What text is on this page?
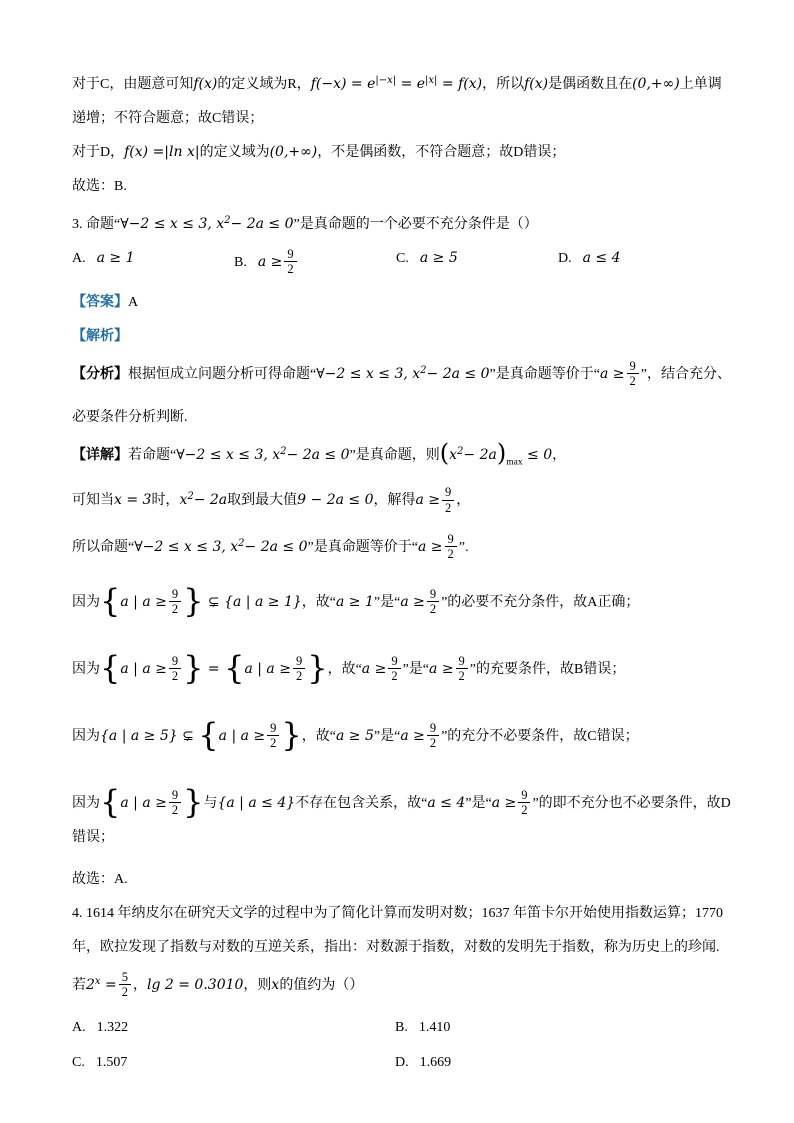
对于C，由题意可知f(x)的定义域为R，$f(-x) = e^{|-x|} = e^{|x|} = f(x)$，所以f(x)是偶函数且在(0,+∞)上单调
递增；不符合题意；故C错误；
对于D，f(x) =|ln x|的定义域为(0,+∞)，不是偶函数，不符合题意；故D错误；
故选：B.
3. 命题“∀−2 ≤ x ≤ 3, $x^2- 2a \le 0$”是真命题的一个必要不充分条件是（）
A. a ≥ 1	B. $a \ge \frac{9}{2}$	C. a ≥ 5	D. a ≤ 4
【答案】A
【解析】
【分析】根据恒成立问题分析可得命题“∀−2 ≤ x ≤ 3, $x^2- 2a \le 0$”是真命题等价于“$a \ge \frac{9}{2}$ ”，结合充分、
必要条件分析判断.
【详解】若命题“∀−2 ≤ x ≤ 3, $x^2- 2a \le 0$”是真命题，则$(x^2- 2a)_{max} \le 0$，
可知当x = 3时，$x^2- 2a$取到最大值9 − 2a ≤ 0，解得$a \ge \frac{9}{2}$ ，
所以命题“∀−2 ≤ x ≤ 3, $x^2- 2a \le 0$”是真命题等价于“$a \ge \frac{9}{2}$ ”.
因为{a | $a \ge \frac{9}{2}$ } ⊊ {a | a ≥ 1}，故“a ≥ 1”是“$a \ge \frac{9}{2}$ ”的必要不充分条件，故A正确；
因为{a | $a \ge \frac{9}{2}$ } = {a | $a \ge \frac{9}{2}$ }，故“$a \ge \frac{9}{2}$ ”是“$a \ge \frac{9}{2}$ ”的充要条件，故B错误；
因为{a | a ≥ 5} ⊊ {a | $a \ge \frac{9}{2}$ }，故“a ≥ 5”是“$a \ge \frac{9}{2}$ ”的充分不必要条件，故C错误；
因为{a | $a \ge \frac{9}{2}$ }与{a | a ≤ 4}不存在包含关系，故“a ≤ 4”是“$a \ge \frac{9}{2}$ ”的即不充分也不必要条件，故D 错误；
故选：A.
4. 1614 年纳皮尔在研究天文学的过程中为了简化计算而发明对数；1637 年笛卡尔开始使用指数运算；1770
年，欧拉发现了指数与对数的互逆关系，指出：对数源于指数，对数的发明先于指数，称为历史上的珍闻.
若$2^x = \frac{5}{2}$ ，lg 2 = 0.3010，则x的值约为（）
A. 1.322	B. 1.410
C. 1.507	D. 1.669
